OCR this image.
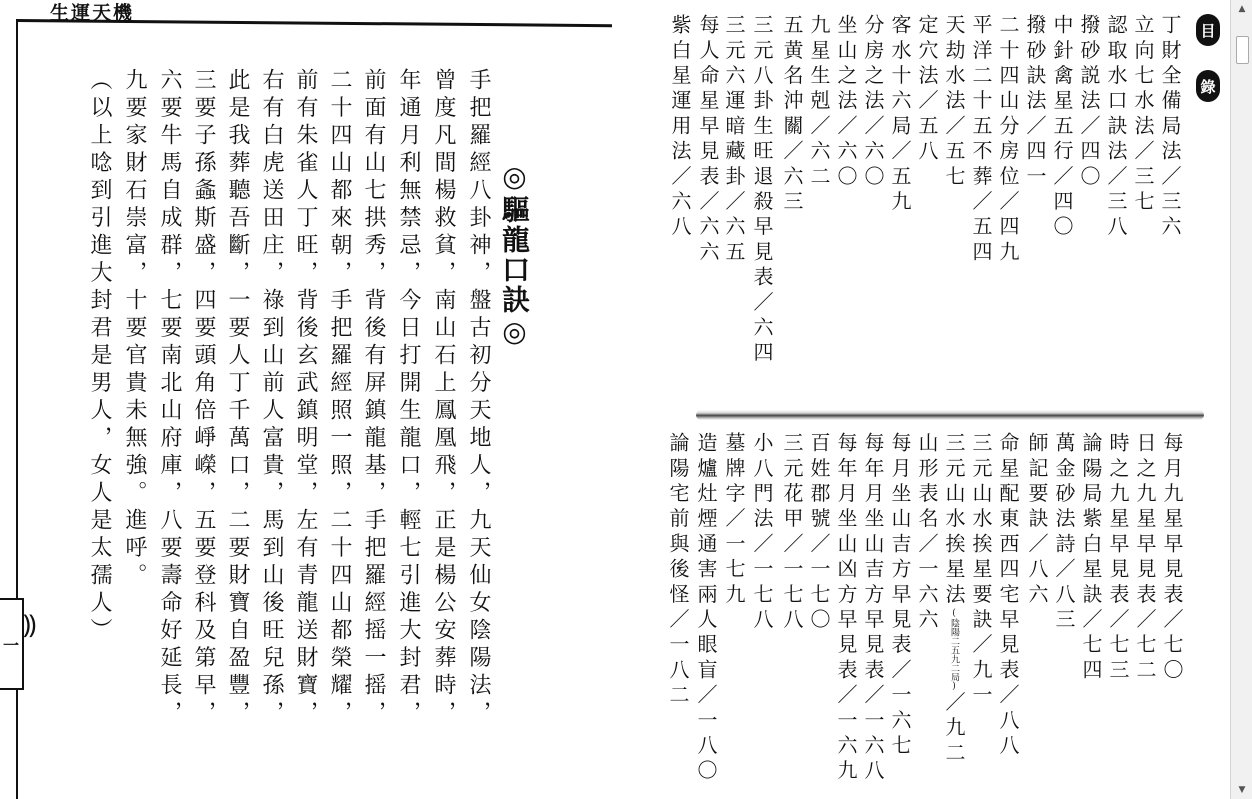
生運天機
一
⸩
◎驅龍口訣◎
手把羅經八卦神，盤古初分天地人，九天仙女陰陽法，
曾度凡間楊救貧，南山石上鳳凰飛，正是楊公安葬時，
年通月利無禁忌，今日打開生龍口，輕七引進大封君，
前面有山七拱秀，背後有屏鎮龍基，手把羅經摇一摇，
二十四山都來朝，手把羅經照一照，二十四山都榮耀，
前有朱雀人丁旺，背後玄武鎮明堂，左有青龍送財寶，
右有白虎送田庄，祿到山前人富貴，馬到山後旺兒孫，
此是我葬聽吾斷，一要人丁千萬口，二要財寶自盈豐，
三要子孫螽斯盛，四要頭角倍崢嶸，五要登科及第早，
六要牛馬自成群，七要南北山府庫，八要壽命好延長，
九要家財石崇富，十要官貴未無強。進呼。
（以上唸到引進大封君是男人，女人是太孺人）
目
錄
丁財全備局法／三六
立向七水法／三七
認取水口訣法／三八
撥砂説法／四〇
中針禽星五行／四〇
撥砂訣法／四一
二十四山分房位／四九
平洋二十五不葬／五四
天劫水法／五七
定穴法／五八
客水十六局／五九
分房之法／六〇
坐山之法／六〇
九星生剋／六二
五黄名沖關／六三
三元八卦生旺退殺早見表／六四
三元六運暗藏卦／六五
每人命星早見表／六六
紫白星運用法／六八
每月九星早見表／七〇
日之九星早見表／七二
時之九星早見表／七三
論陽局紫白星訣／七四
萬金砂法詩／八三
師記要訣／八六
命星配東西四宅早見表／八八
三元山水挨星要訣／九一
三元山水挨星法(陰陽二五九二局)／九二
山形表名／一六六
每月坐山吉方早見表／一六七
每年月坐山吉方早見表／一六八
每年月坐山凶方早見表／一六九
百姓郡號／一七〇
三元花甲／一七八
小八門法／一七八
墓牌字／一七九
造爐灶煙通害兩人眼盲／一八〇
論陽宅前與後怪／一八二
▲
▼
